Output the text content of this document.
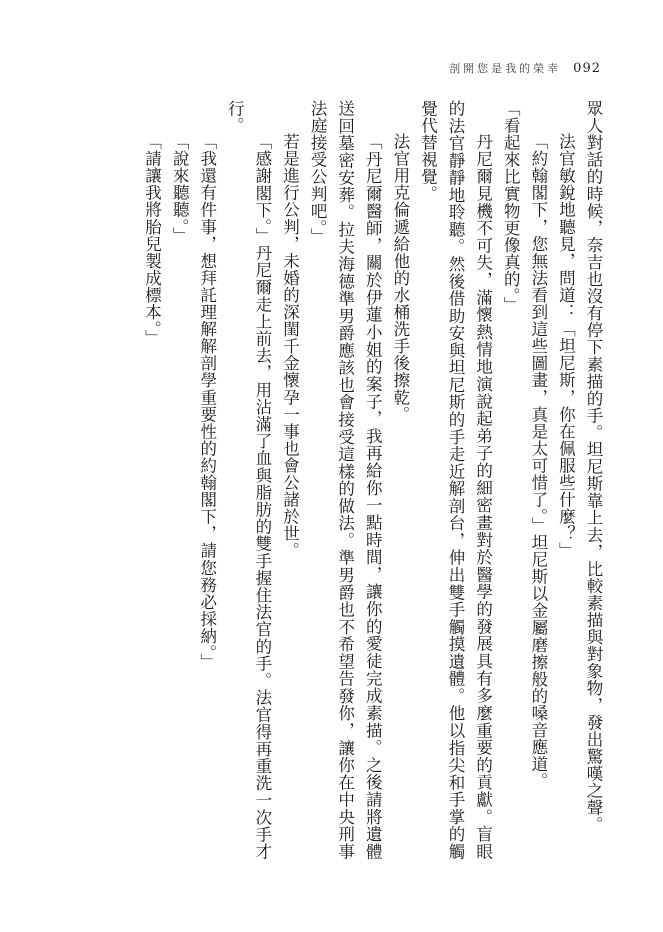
剖開您是我的榮幸 092

眾人對話的時候，奈吉也沒有停下素描的手。坦尼斯靠上去，比較素描與對象物，發出驚嘆之聲。

法官敏銳地聽見，問道：「坦尼斯，你在佩服些什麼？」

「約翰閣下，您無法看到這些圖畫，真是太可惜了。」坦尼斯以金屬磨擦般的嗓音應道。

「看起來比實物更像真的。」

丹尼爾見機不可失，滿懷熱情地演說起弟子的細密畫對於醫學的發展具有多麼重要的貢獻。盲眼的法官靜靜地聆聽。然後借助安與坦尼斯的手走近解剖台，伸出雙手觸摸遺體。他以指尖和手掌的觸覺代替視覺。

法官用克倫遞給他的水桶洗手後擦乾。

「丹尼爾醫師，關於伊蓮小姐的案子，我再給你一點時間，讓你的愛徒完成素描。之後請將遺體送回墓密安葬。拉夫海德準男爵應該也會接受這樣的做法。準男爵也不希望告發你，讓你在中央刑事法庭接受公判吧。」

若是進行公判，未婚的深閨千金懷孕一事也會公諸於世。

「感謝閣下。」丹尼爾走上前去，用沾滿了血與脂肪的雙手握住法官的手。法官得再重洗一次手才行。

「我還有件事，想拜託理解解剖學重要性的約翰閣下，請您務必採納。」

「說來聽聽。」

「請讓我將胎兒製成標本。」
